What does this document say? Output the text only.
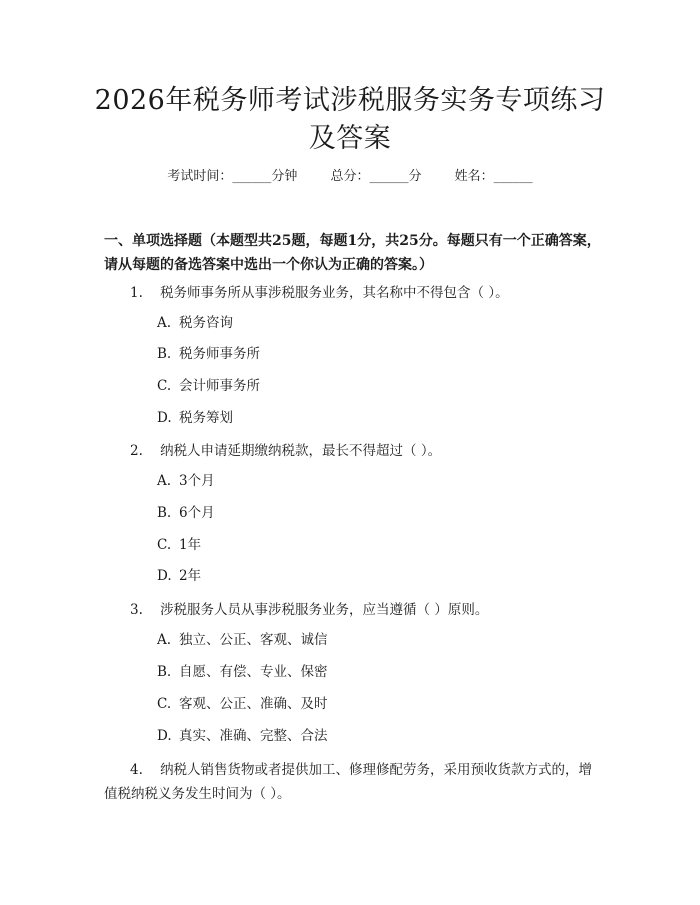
2026年税务师考试涉税服务实务专项练习及答案
考试时间：______分钟	总分：______分	姓名：______
一、单项选择题（本题型共25题，每题1分，共25分。每题只有一个正确答案，请从每题的备选答案中选出一个你认为正确的答案。）
1. 税务师事务所从事涉税服务业务，其名称中不得包含（ ）。
A. 税务咨询
B. 税务师事务所
C. 会计师事务所
D. 税务筹划
2. 纳税人申请延期缴纳税款，最长不得超过（ ）。
A. 3个月
B. 6个月
C. 1年
D. 2年
3. 涉税服务人员从事涉税服务业务，应当遵循（ ）原则。
A. 独立、公正、客观、诚信
B. 自愿、有偿、专业、保密
C. 客观、公正、准确、及时
D. 真实、准确、完整、合法
4. 纳税人销售货物或者提供加工、修理修配劳务，采用预收货款方式的，增值税纳税义务发生时间为（ ）。
